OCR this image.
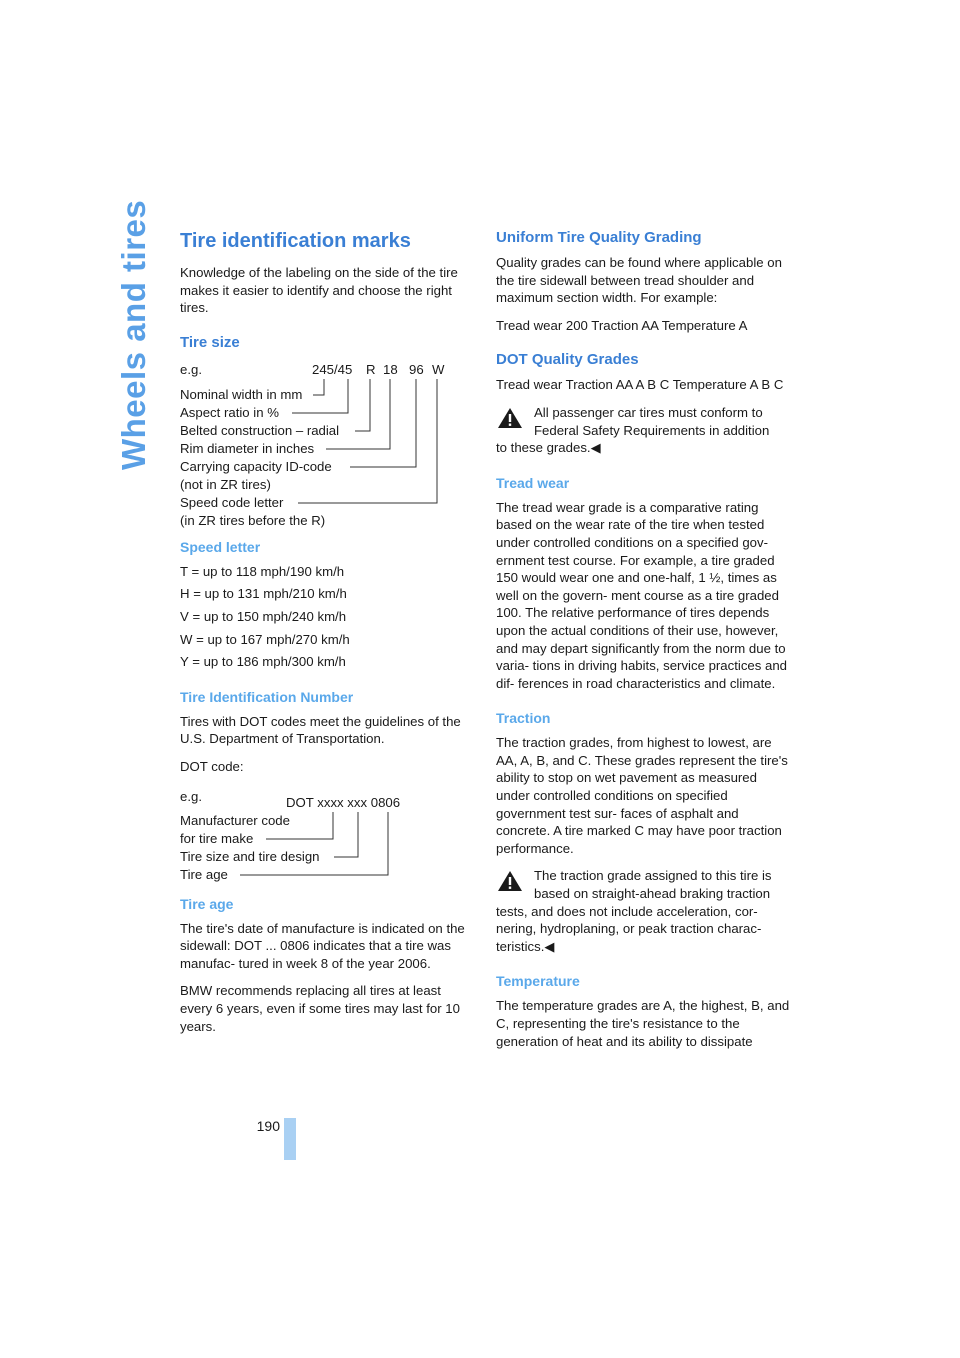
Wheels and tires Tire identification marks

Knowledge of the labeling on the side of the tire makes it easier to identify and choose the right tires.

Tire size
e.g.	245/45 R 18 96 W
Nominal width in mm
Aspect ratio in %
Belted construction – radial
Rim diameter in inches
Carrying capacity ID-code
(not in ZR tires)
Speed code letter
(in ZR tires before the R)
Speed letter

T = up to 118 mph/190 km/h

H = up to 131 mph/210 km/h

V = up to 150 mph/240 km/h

W = up to 167 mph/270 km/h

Y = up to 186 mph/300 km/h

Tire Identification Number

Tires with DOT codes meet the guidelines of the U.S. Department of Transportation.

DOT code:

e.g.	DOT xxxx xxx 0806
Manufacturer code
for tire make
Tire size and tire design
Tire age
Tire age

The tire's date of manufacture is indicated on the sidewall: DOT ... 0806 indicates that a tire was manufac- tured in week 8 of the year 2006.

BMW recommends replacing all tires at least every 6 years, even if some tires may last for 10 years.

Uniform Tire Quality Grading

Quality grades can be found where applicable on the tire sidewall between tread shoulder and maximum section width. For example:

Tread wear 200 Traction AA Temperature A

DOT Quality Grades

Tread wear Traction AA A B C Temperature A B C

All passenger car tires must conform to
Federal Safety Requirements in addition
to these grades.◀
Tread wear

The tread wear grade is a comparative rating based on the wear rate of the tire when tested under controlled conditions on a specified gov- ernment test course. For example, a tire graded 150 would wear one and one-half, 1 ½, times as well on the govern- ment course as a tire graded 100. The relative performance of tires depends upon the actual conditions of their use, however, and may depart significantly from the norm due to varia- tions in driving habits, service practices and dif- ferences in road characteristics and climate.

Traction

The traction grades, from highest to lowest, are AA, A, B, and C. These grades represent the tire's ability to stop on wet pavement as measured under controlled conditions on specified government test sur- faces of asphalt and concrete. A tire marked C may have poor traction performance.

The traction grade assigned to this tire is
based on straight-ahead braking traction
tests, and does not include acceleration, cor-
nering, hydroplaning, or peak traction charac-
teristics.◀
Temperature

The temperature grades are A, the highest, B, and C, representing the tire's resistance to the generation of heat and its ability to dissipate

190
